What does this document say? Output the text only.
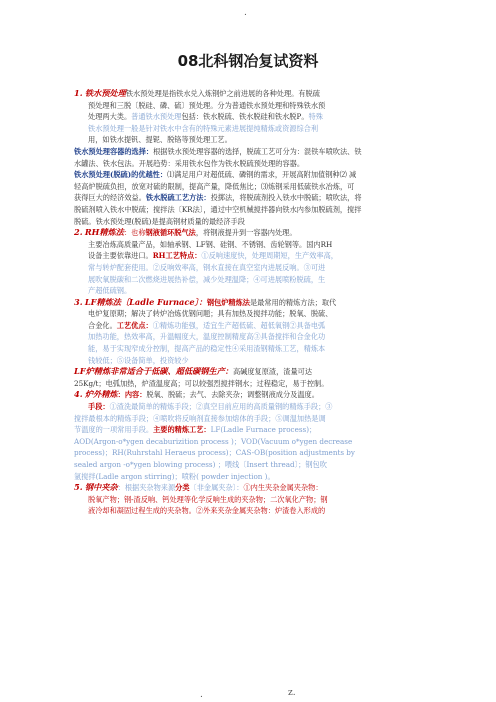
.
08北科钢冶复试资料

1. 铁水预处理铁水预处理是指铁水兑入炼钢炉之前进展的各种处理。有脱硫

预处理和三脱〔脱硅、磷、硫〕预处理。分为普通铁水预处理和特殊铁水预

处理两大类。普通铁水预处理包括：铁水脱硫、铁水脱硅和铁水脱P。特殊

铁水预处理一般是针对铁水中含有的特殊元素进展提纯精炼或资源综合利

用，如铁水提钒、提铌、脱铬等预处理工艺。

铁水预处理容器的选择：根据铁水预处理容器的选择，脱硫工艺可分为：混铁车喷吹法、铁

水罐法、铁水包法。开展趋势：采用铁水包作为铁水脱硫预处理的容器。

铁水预处理(脱硫)的优越性：⑴满足用户对超低硫、磷钢的需求，开展高附加值钢种⑵ 减

轻高炉脱硫负担，放宽对硫的限制，提高产量，降低焦比；⑶炼钢采用低硫铁水冶炼，可

获得巨大的经济效益。铁水脱硫工艺方法：投掷法，将脱硫剂投入铁水中脱硫；喷吹法，将

脱硫剂喷入铁水中脱硫；搅拌法〔KR法〕，通过中空机械搅拌器向铁水内参加脱硫剂，搅拌

脱硫。铁水预处理(脱硫)是提高钢材质量的最经济手段

2. RH精炼法：也称钢液循环脱气法，将钢液提升到一容器内处理。

主要冶炼高质量产品，如轴承钢、LF钢、硅钢、不锈钢、齿轮钢等。国内RH

设备主要依靠进口。RH工艺特点：①反响速度快，处理周期短，生产效率高，

常与转炉配套使用。②反响效率高，钢水直接在真空室内进展反响。③可进

展吹氧脱碳和二次燃烧进展热补偿，减少处理温降；④可进展喷粉脱硫，生

产超低硫钢。

3. LF精炼法〔Ladle Furnace〕：钢包炉精炼法是最常用的精炼方法；取代

电炉复原期；解决了转炉冶炼优钢问题；具有加热及搅拌功能；脱氧、脱硫、

合金化。工艺优点：①精炼功能强，适宜生产超低硫、超低氧钢②具备电弧

加热功能，热效率高，升温幅度大，温度控制精度高③具备搅拌和合金化功

能，易于实现窄成分控制，提高产品的稳定性④采用渣钢精炼工艺，精炼本

钱较低；⑤设备简单，投资较少

LF炉精炼非常适合于低碳、超低碳钢生产：高碱度复原渣，渣量可达

25Kg/t；电弧加热，炉渣温度高；可以较强烈搅拌钢水；过程稳定，易于控制。

4. 炉外精炼：内容：脱氧、脱硫；去气、去除夹杂；调整钢液成分及温度。

手段：①渣洗最简单的精炼手段；②真空目前应用的高质量钢的精炼手段；③

搅拌最根本的精炼手段；④喷吹将反响剂直接参加熔体的手段；⑤调温加热是调

节温度的一项常用手段。主要的精炼工艺：LF(Ladle Furnace process)；

AOD(Argon-o*ygen decaburizition process )；VOD(Vacuum o*ygen decrease

process)；RH(Ruhrstahl Heraeus process)；CAS-OB(position adjustments by

sealed argon -o*ygen blowing process) ；喂线〔Insert thread〕；钢包吹

氩搅拌(Ladle argon stirring)；喷粉( powder injection )。

5. 钢中夹杂：根据夹杂物来源分类〔非金属夹杂〕：①内生夹杂金属夹杂物：

脱氧产物；钢-渣反响、钙处理等化学反响生成的夹杂物；二次氧化产物；钢

液冷却和凝固过程生成的夹杂物。②外来夹杂金属夹杂物：炉渣卷入形成的

.	z.
